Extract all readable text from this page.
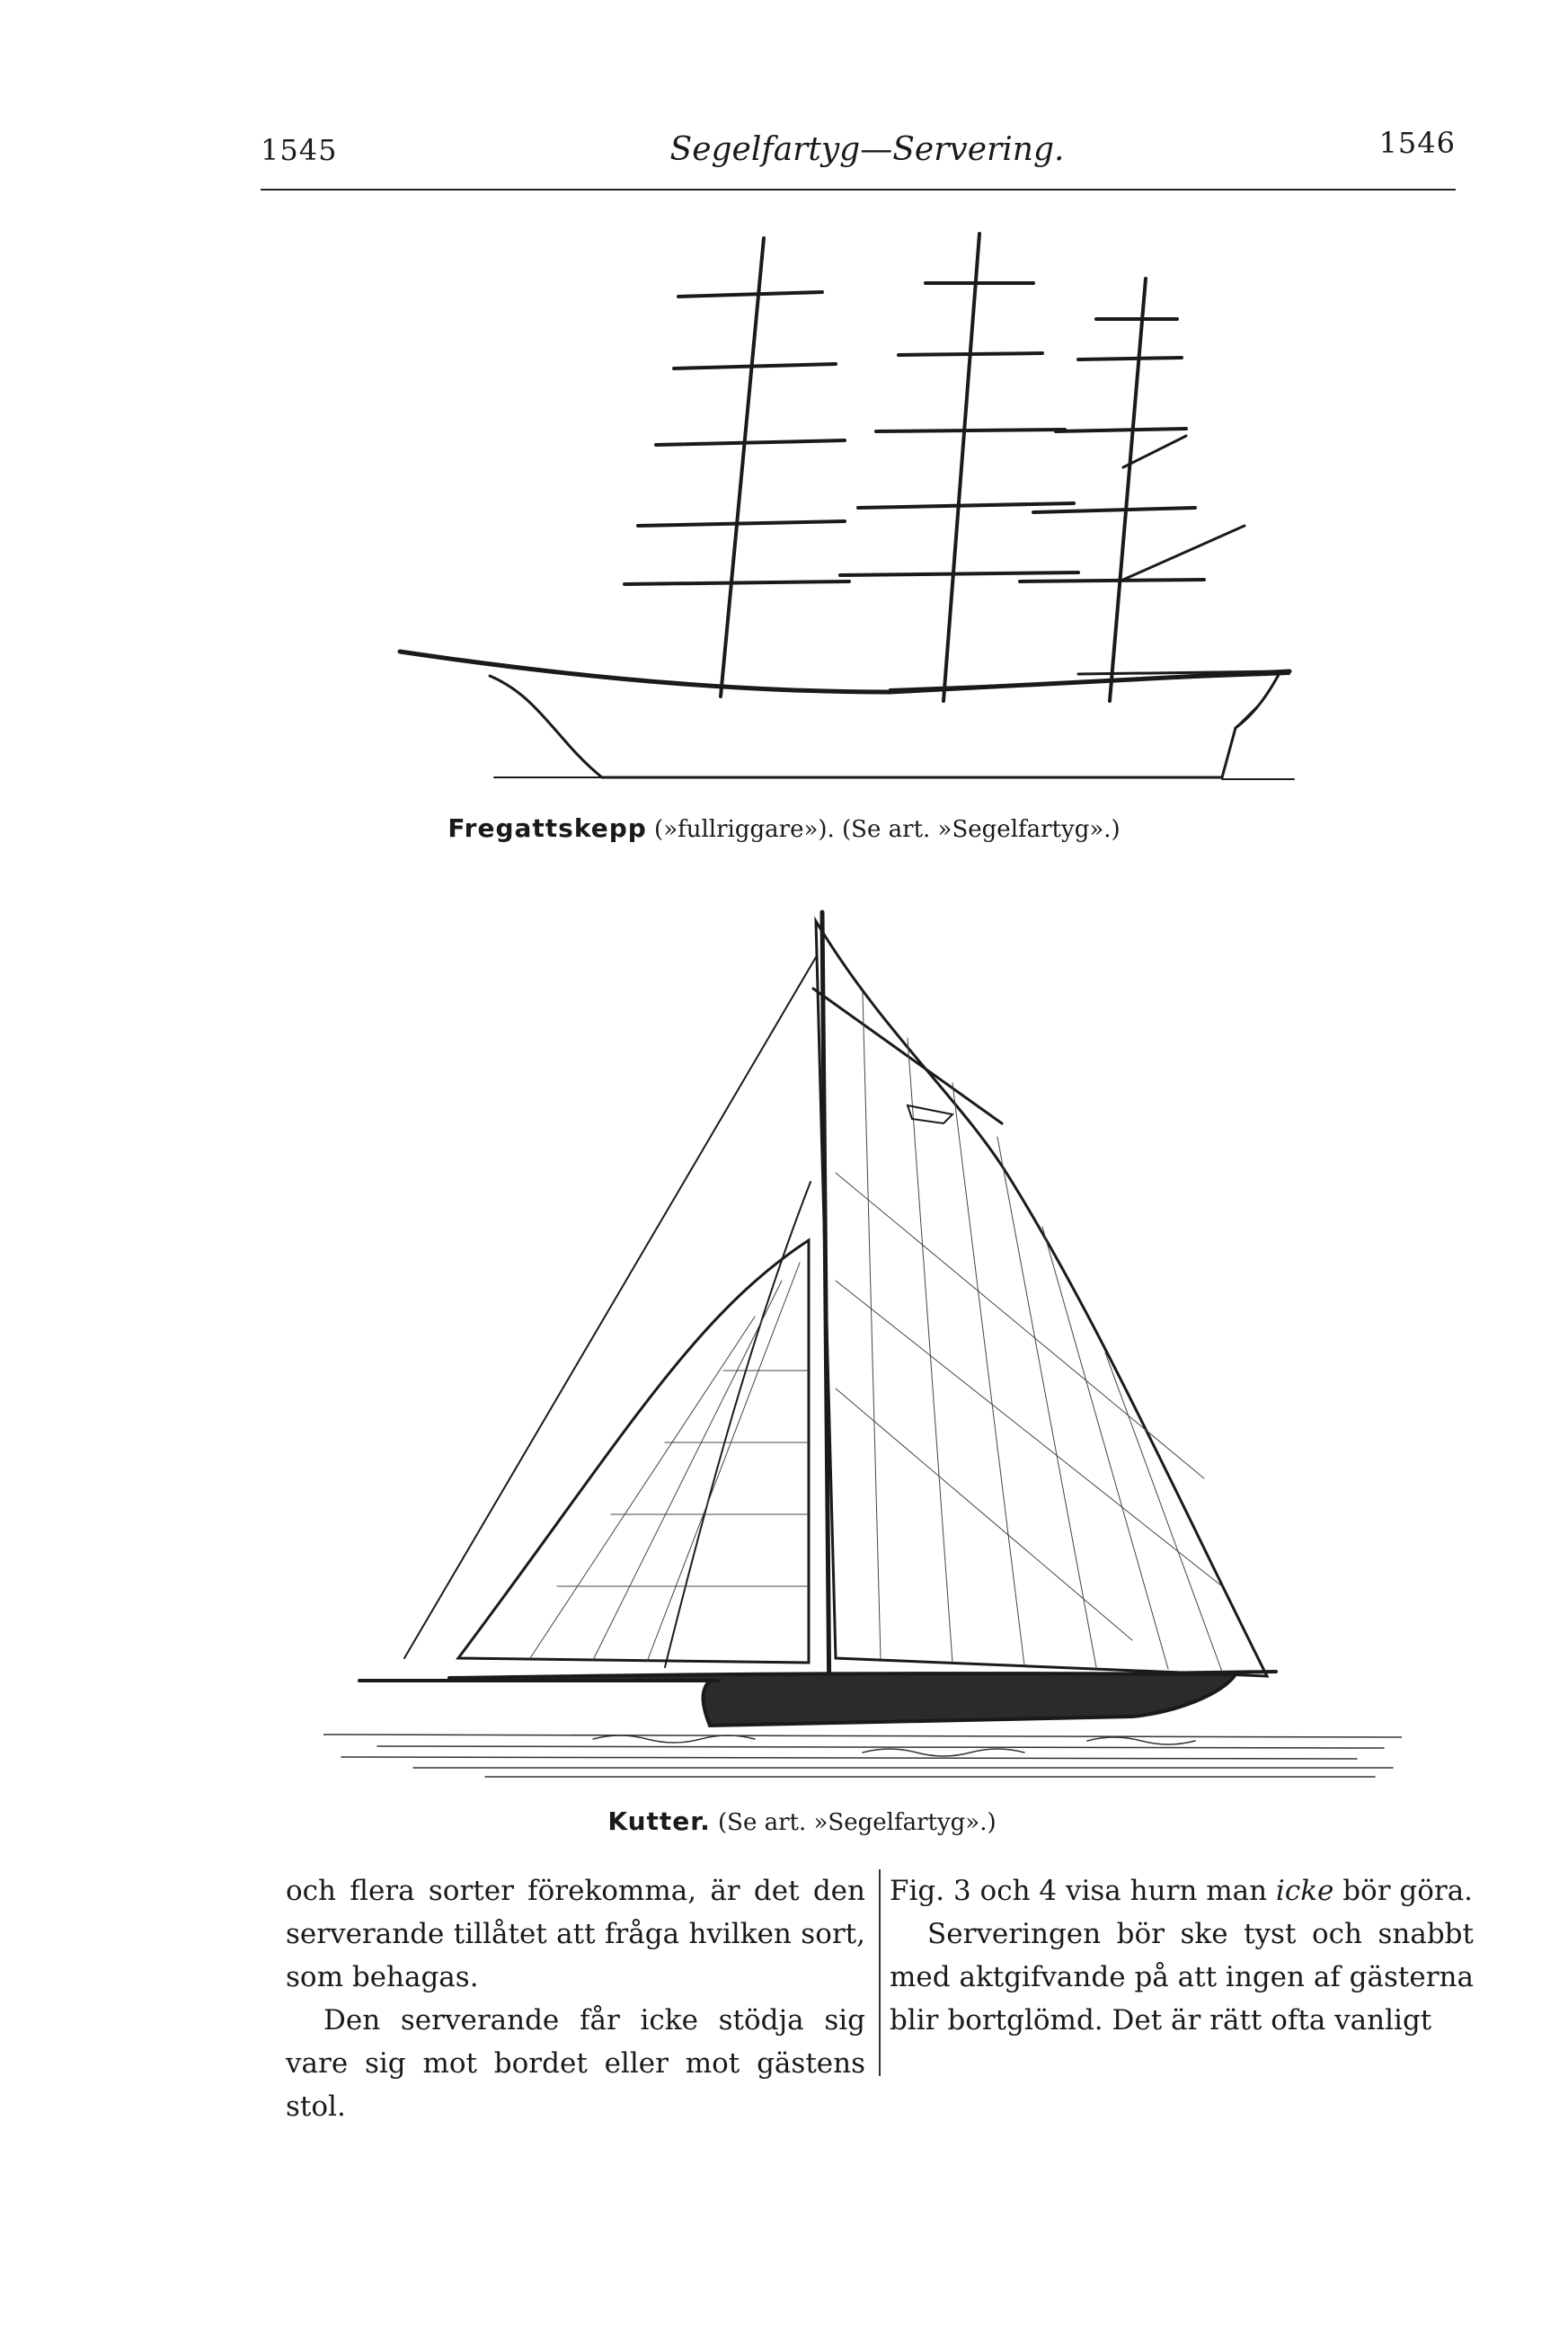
1545	Segelfartyg—Servering.	1546
Fregattskepp (»fullriggare»). (Se art. »Segelfartyg».)
Kutter. (Se art. »Segelfartyg».)

och flera sorter förekomma, är det den serverande tillåtet att fråga hvilken sort, som behagas.

Den serverande får icke stödja sig vare sig mot bordet eller mot gästens stol.

Fig. 3 och 4 visa hurn man icke bör göra.

Serveringen bör ske tyst och snabbt med aktgifvande på att ingen af gästerna blir bortglömd. Det är rätt ofta vanligt
